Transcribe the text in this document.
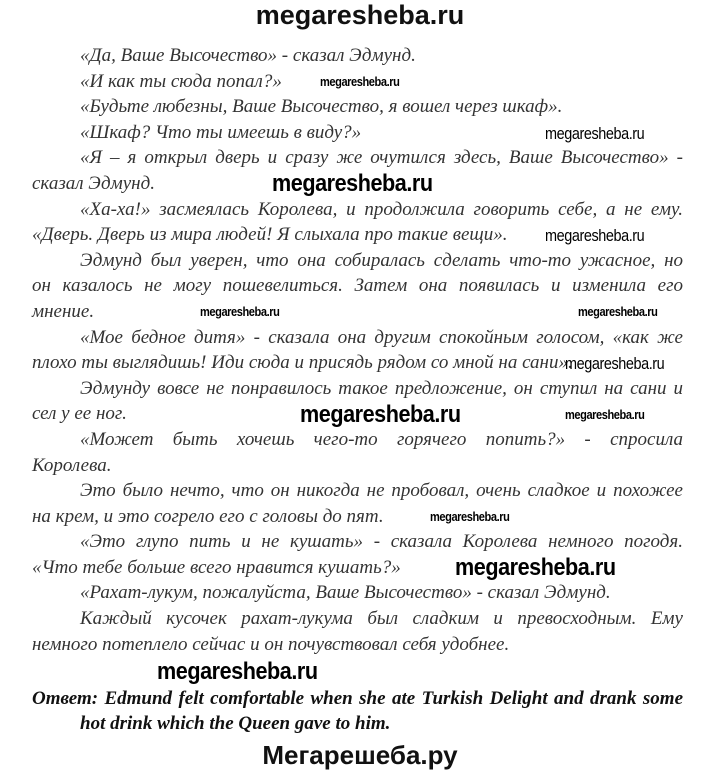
megaresheba.ru
«Да, Ваше Высочество» - сказал Эдмунд.
«И как ты сюда попал?»
«Будьте любезны, Ваше Высочество, я вошел через шкаф».
«Шкаф? Что ты имеешь в виду?»
«Я – я открыл дверь и сразу же очутился здесь, Ваше Высочество» -
сказал Эдмунд.
«Ха-ха!» засмеялась Королева, и продолжила говорить себе, а не ему.
«Дверь. Дверь из мира людей! Я слыхала про такие вещи».
Эдмунд был уверен, что она собиралась сделать что-то ужасное, но
он казалось не могу пошевелиться. Затем она появилась и изменила его
мнение.
«Мое бедное дитя» - сказала она другим спокойным голосом, «как же
плохо ты выглядишь! Иди сюда и присядь рядом со мной на сани».
Эдмунду вовсе не понравилось такое предложение, он ступил на сани и
сел у ее ног.
«Может быть хочешь чего-то горячего попить?» - спросила
Королева.
Это было нечто, что он никогда не пробовал, очень сладкое и похожее
на крем, и это согрело его с головы до пят.
«Это глупо пить и не кушать» - сказала Королева немного погодя.
«Что тебе больше всего нравится кушать?»
«Рахат-лукум, пожалуйста, Ваше Высочество» - сказал Эдмунд.
Каждый кусочек рахат-лукума был сладким и превосходным. Ему
немного потеплело сейчас и он почувствовал себя удобнее.
megaresheba.ru
megaresheba.ru
megaresheba.ru
megaresheba.ru
megaresheba.ru
megaresheba.ru
megaresheba.ru
megaresheba.ru
megaresheba.ru
megaresheba.ru
megaresheba.ru
megaresheba.ru
Ответ: Edmund felt comfortable when she ate Turkish Delight and drank some
hot drink which the Queen gave to him.
Мегарешеба.ру
